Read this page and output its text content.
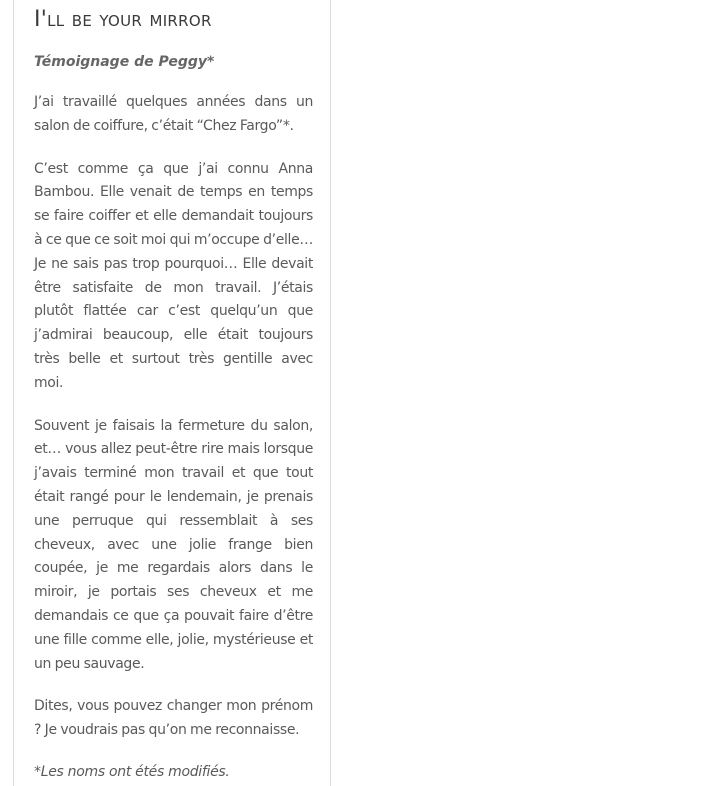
I'll be your mirror

Témoignage de Peggy*

J’ai travaillé quelques années dans un salon de coiffure, c’était “Chez Fargo”*.

C’est comme ça que j’ai connu Anna Bambou. Elle venait de temps en temps se faire coiffer et elle demandait toujours à ce que ce soit moi qui m’occupe d’elle… Je ne sais pas trop pourquoi… Elle devait être satisfaite de mon travail. J’étais plutôt flattée car c’est quelqu’un que j’admirai beaucoup, elle était toujours très belle et surtout très gentille avec moi.

Souvent je faisais la fermeture du salon, et… vous allez peut-être rire mais lorsque j’avais terminé mon travail et que tout était rangé pour le lendemain, je prenais une perruque qui ressemblait à ses cheveux, avec une jolie frange bien coupée, je me regardais alors dans le miroir, je portais ses cheveux et me demandais ce que ça pouvait faire d’être une fille comme elle, jolie, mystérieuse et un peu sauvage.

Dites, vous pouvez changer mon prénom ? Je voudrais pas qu’on me reconnaisse.

*Les noms ont étés modifiés.
